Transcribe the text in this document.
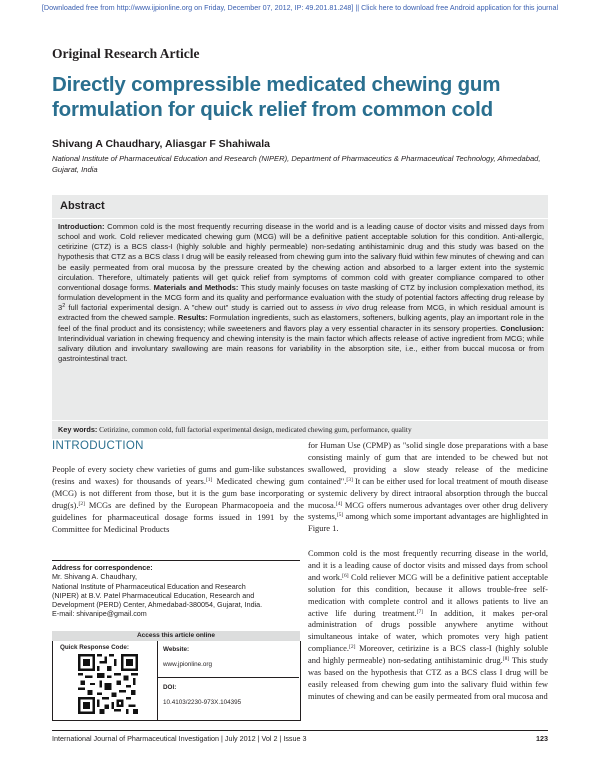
[Downloaded free from http://www.ijpionline.org on Friday, December 07, 2012, IP: 49.201.81.248] || Click here to download free Android application for this journal
Original Research Article
Directly compressible medicated chewing gum formulation for quick relief from common cold
Shivang A Chaudhary, Aliasgar F Shahiwala
National Institute of Pharmaceutical Education and Research (NIPER), Department of Pharmaceutics & Pharmaceutical Technology, Ahmedabad, Gujarat, India
Abstract
Introduction: Common cold is the most frequently recurring disease in the world and is a leading cause of doctor visits and missed days from school and work. Cold reliever medicated chewing gum (MCG) will be a definitive patient acceptable solution for this condition. Anti-allergic, cetirizine (CTZ) is a BCS class-I (highly soluble and highly permeable) non-sedating antihistaminic drug and this study was based on the hypothesis that CTZ as a BCS class I drug will be easily released from chewing gum into the salivary fluid within few minutes of chewing and can be easily permeated from oral mucosa by the pressure created by the chewing action and absorbed to a larger extent into the systemic circulation. Therefore, ultimately patients will get quick relief from symptoms of common cold with greater compliance compared to other conventional dosage forms. Materials and Methods: This study mainly focuses on taste masking of CTZ by inclusion complexation method, its formulation development in the MCG form and its quality and performance evaluation with the study of potential factors affecting drug release by $3^2$ full factorial experimental design. A "chew out" study is carried out to assess in vivo drug release from MCG, in which residual amount is extracted from the chewed sample. Results: Formulation ingredients, such as elastomers, softeners, bulking agents, play an important role in the feel of the final product and its consistency; while sweeteners and flavors play a very essential character in its sensory properties. Conclusion: Interindividual variation in chewing frequency and chewing intensity is the main factor which affects release of active ingredient from MCG; while salivary dilution and involuntary swallowing are main reasons for variability in the absorption site, i.e., either from buccal mucosa or from gastrointestinal tract.
Key words: Cetirizine, common cold, full factorial experimental design, medicated chewing gum, performance, quality
INTRODUCTION
People of every society chew varieties of gums and gum-like substances (resins and waxes) for thousands of years.[1] Medicated chewing gum (MCG) is not different from those, but it is the gum base incorporating drug(s).[2] MCGs are defined by the European Pharmacopoeia and the guidelines for pharmaceutical dosage forms issued in 1991 by the Committee for Medicinal Products
for Human Use (CPMP) as "solid single dose preparations with a base consisting mainly of gum that are intended to be chewed but not swallowed, providing a slow steady release of the medicine contained".[3] It can be either used for local treatment of mouth disease or systemic delivery by direct intraoral absorption through the buccal mucosa.[4] MCG offers numerous advantages over other drug delivery systems,[5] among which some important advantages are highlighted in Figure 1.
Common cold is the most frequently recurring disease in the world, and it is a leading cause of doctor visits and missed days from school and work.[6] Cold reliever MCG will be a definitive patient acceptable solution for this condition, because it allows trouble-free self-medication with complete control and it allows patients to live an active life during treatment.[7] In addition, it makes per-oral administration of drugs possible anywhere anytime without simultaneous intake of water, which promotes very high patient compliance.[2] Moreover, cetirizine is a BCS class-I (highly soluble and highly permeable) non-sedating antihistaminic drug.[8] This study was based on the hypothesis that CTZ as a BCS class I drug will be easily released from chewing gum into the salivary fluid within few minutes of chewing and can be easily permeated from oral mucosa and
Address for correspondence:
Mr. Shivang A. Chaudhary,
National Institute of Pharmaceutical Education and Research
(NIPER) at B.V. Patel Pharmaceutical Education, Research and
Development (PERD) Center, Ahmedabad-380054, Gujarat, India.
E-mail: shivanipe@gmail.com
Access this article online
Quick Response Code:	Website:
www.jpionline.org
DOI:
10.4103/2230-973X.104395
International Journal of Pharmaceutical Investigation | July 2012 | Vol 2 | Issue 3	123
